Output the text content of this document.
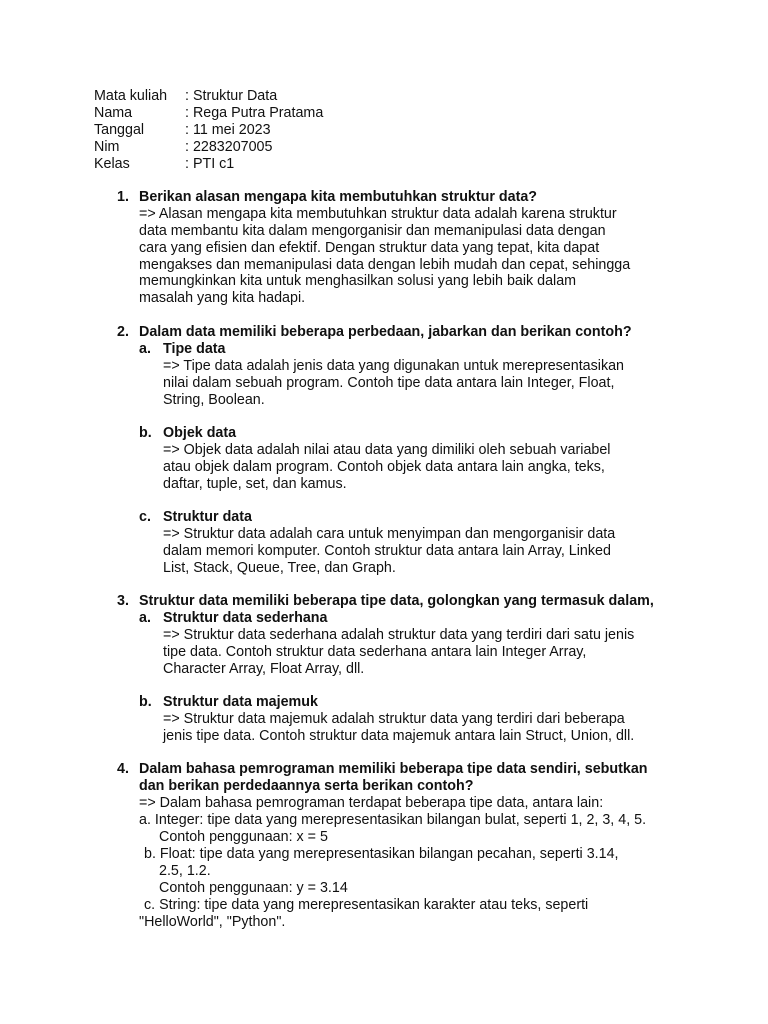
Mata kuliah : Struktur Data
Nama	: Rega Putra Pratama
Tanggal	: 11 mei 2023
Nim	: 2283207005
Kelas	: PTI c1
1. Berikan alasan mengapa kita membutuhkan struktur data?
=> Alasan mengapa kita membutuhkan struktur data adalah karena struktur
data membantu kita dalam mengorganisir dan memanipulasi data dengan
cara yang efisien dan efektif. Dengan struktur data yang tepat, kita dapat
mengakses dan memanipulasi data dengan lebih mudah dan cepat, sehingga
memungkinkan kita untuk menghasilkan solusi yang lebih baik dalam
masalah yang kita hadapi.
2. Dalam data memiliki beberapa perbedaan, jabarkan dan berikan contoh?
a. Tipe data
=> Tipe data adalah jenis data yang digunakan untuk merepresentasikan
nilai dalam sebuah program. Contoh tipe data antara lain Integer, Float,
String, Boolean.
b. Objek data
=> Objek data adalah nilai atau data yang dimiliki oleh sebuah variabel
atau objek dalam program. Contoh objek data antara lain angka, teks,
daftar, tuple, set, dan kamus.
c. Struktur data
=> Struktur data adalah cara untuk menyimpan dan mengorganisir data
dalam memori komputer. Contoh struktur data antara lain Array, Linked
List, Stack, Queue, Tree, dan Graph.
3. Struktur data memiliki beberapa tipe data, golongkan yang termasuk dalam,
a. Struktur data sederhana
=> Struktur data sederhana adalah struktur data yang terdiri dari satu jenis
tipe data. Contoh struktur data sederhana antara lain Integer Array,
Character Array, Float Array, dll.
b. Struktur data majemuk
=> Struktur data majemuk adalah struktur data yang terdiri dari beberapa
jenis tipe data. Contoh struktur data majemuk antara lain Struct, Union, dll.
4. Dalam bahasa pemrograman memiliki beberapa tipe data sendiri, sebutkan
dan berikan perdedaannya serta berikan contoh?
=> Dalam bahasa pemrograman terdapat beberapa tipe data, antara lain:
a. Integer: tipe data yang merepresentasikan bilangan bulat, seperti 1, 2, 3, 4, 5.
Contoh penggunaan: x = 5
b. Float: tipe data yang merepresentasikan bilangan pecahan, seperti 3.14,
2.5, 1.2.
Contoh penggunaan: y = 3.14
c. String: tipe data yang merepresentasikan karakter atau teks, seperti
"HelloWorld", "Python".
